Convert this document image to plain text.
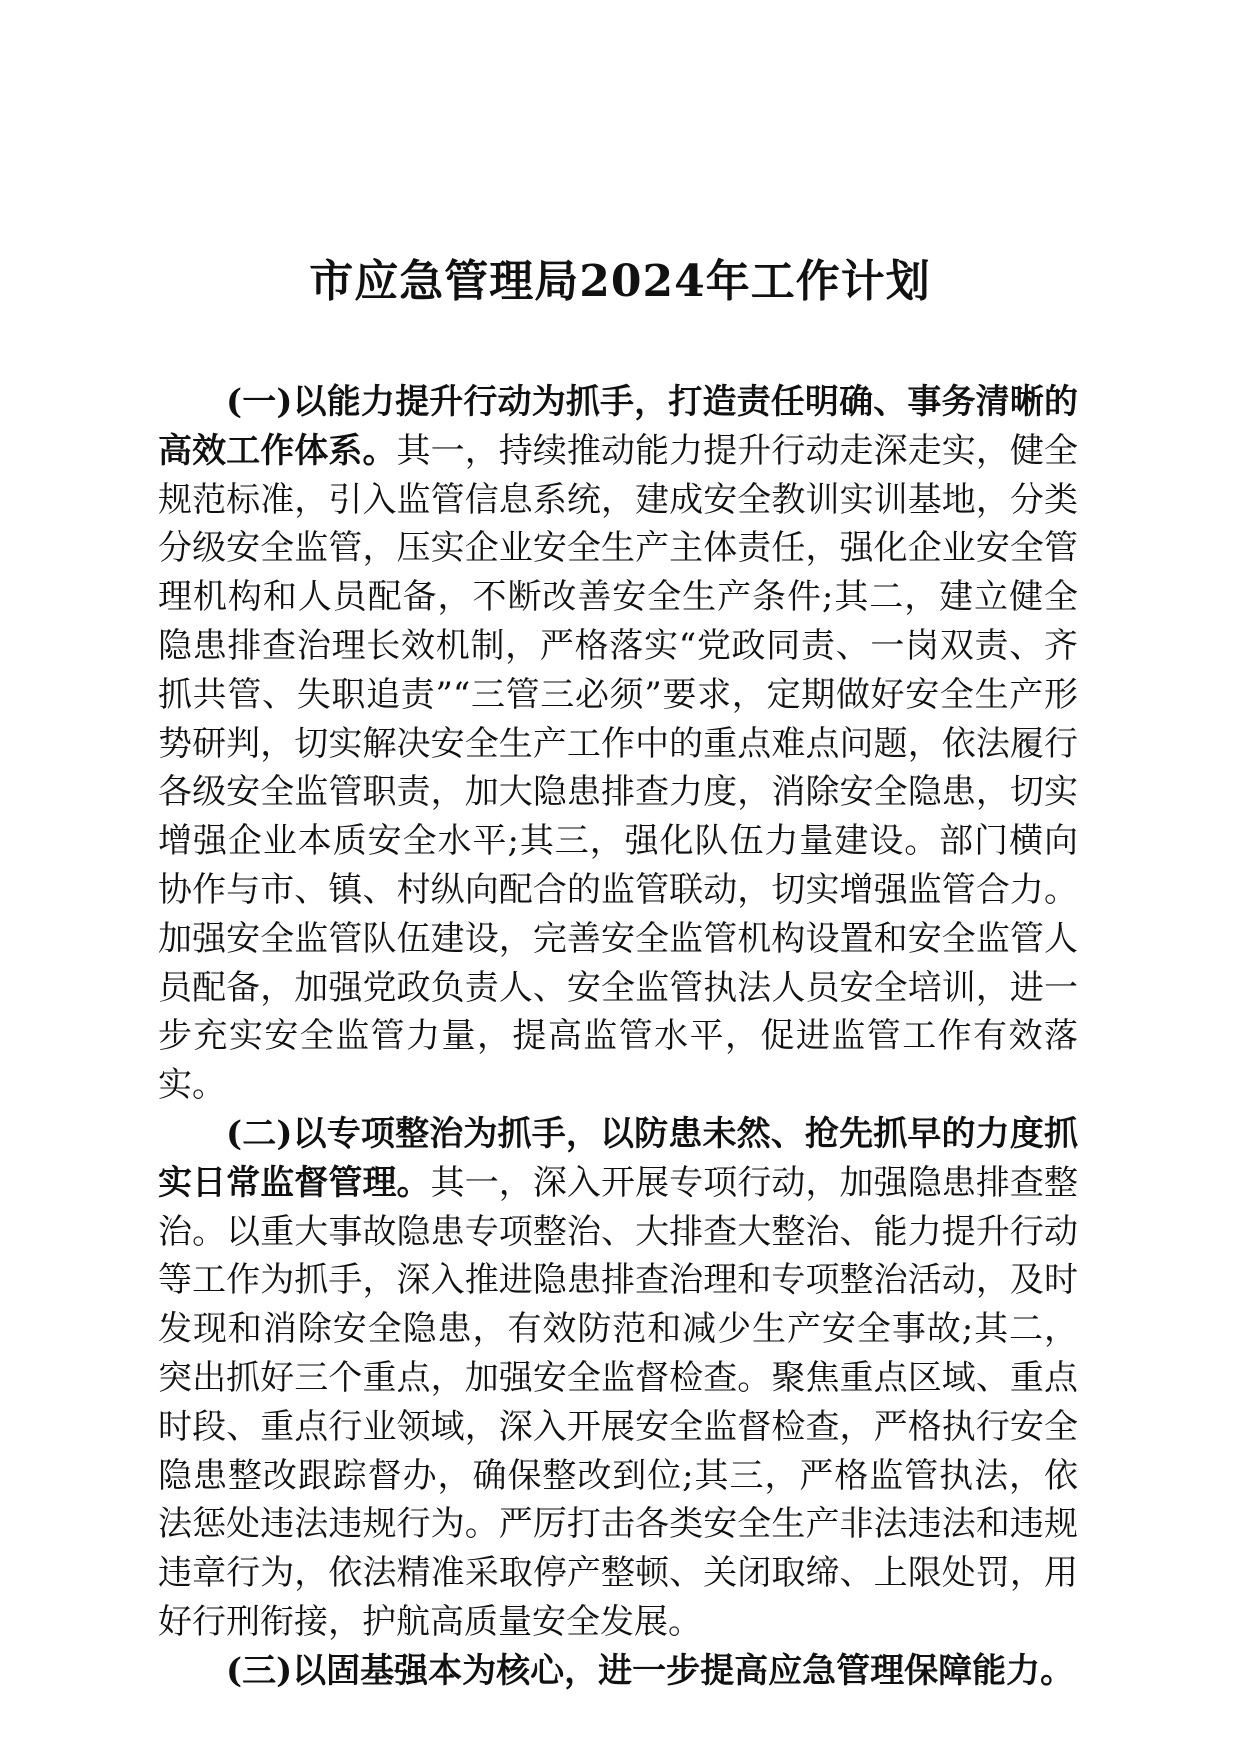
市应急管理局2024年工作计划

(一)以能力提升行动为抓手，打造责任明确、事务清晰的高效工作体系。其一，持续推动能力提升行动走深走实，健全规范标准，引入监管信息系统，建成安全教训实训基地，分类分级安全监管，压实企业安全生产主体责任，强化企业安全管理机构和人员配备，不断改善安全生产条件;其二，建立健全隐患排查治理长效机制，严格落实“党政同责、一岗双责、齐抓共管、失职追责”“三管三必须”要求，定期做好安全生产形势研判，切实解决安全生产工作中的重点难点问题，依法履行各级安全监管职责，加大隐患排查力度，消除安全隐患，切实增强企业本质安全水平;其三，强化队伍力量建设。部门横向协作与市、镇、村纵向配合的监管联动，切实增强监管合力。加强安全监管队伍建设，完善安全监管机构设置和安全监管人员配备，加强党政负责人、安全监管执法人员安全培训，进一步充实安全监管力量，提高监管水平，促进监管工作有效落实。

(二)以专项整治为抓手，以防患未然、抢先抓早的力度抓实日常监督管理。其一，深入开展专项行动，加强隐患排查整治。以重大事故隐患专项整治、大排查大整治、能力提升行动等工作为抓手，深入推进隐患排查治理和专项整治活动，及时发现和消除安全隐患，有效防范和减少生产安全事故;其二，突出抓好三个重点，加强安全监督检查。聚焦重点区域、重点时段、重点行业领域，深入开展安全监督检查，严格执行安全隐患整改跟踪督办，确保整改到位;其三，严格监管执法，依法惩处违法违规行为。严厉打击各类安全生产非法违法和违规违章行为，依法精准采取停产整顿、关闭取缔、上限处罚，用好行刑衔接，护航高质量安全发展。

(三)以固基强本为核心，进一步提高应急管理保障能力。
